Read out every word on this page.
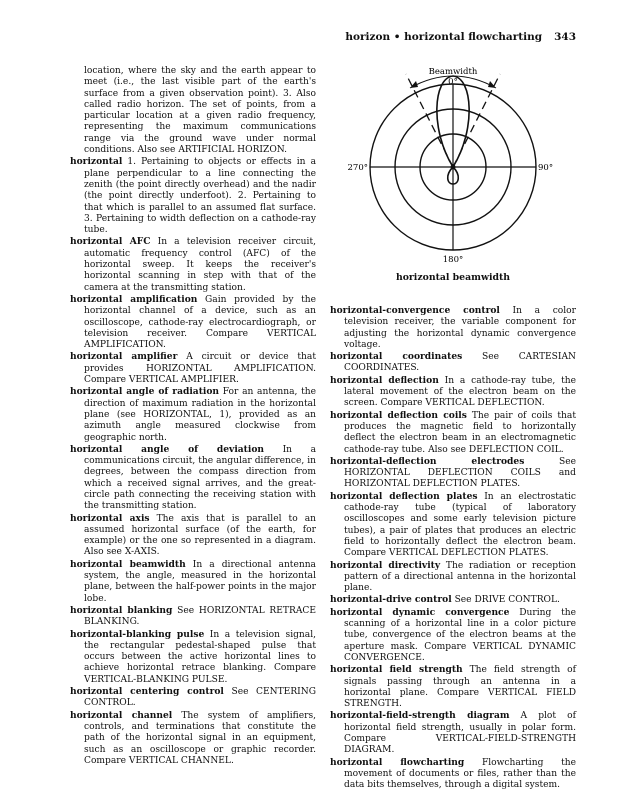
horizon • horizontal flowcharting 343

location, where the sky and the earth appear to meet (i.e., the last visible part of the earth's surface from a given observation point). 3. Also called radio horizon. The set of points, from a particular location at a given radio frequency, representing the maximum communications range via the ground wave under normal conditions. Also see ARTIFICIAL HORIZON.

horizontal 1. Pertaining to objects or effects in a plane perpendicular to a line connecting the zenith (the point directly overhead) and the nadir (the point directly underfoot). 2. Pertaining to that which is parallel to an assumed flat surface. 3. Pertaining to width deflection on a cathode-ray tube.

horizontal AFC In a television receiver circuit, automatic frequency control (AFC) of the horizontal sweep. It keeps the receiver's horizontal scanning in step with that of the camera at the transmitting station.

horizontal amplification Gain provided by the horizontal channel of a device, such as an oscilloscope, cathode-ray electrocardiograph, or television receiver. Compare VERTICAL AMPLIFICATION.

horizontal amplifier A circuit or device that provides HORIZONTAL AMPLIFICATION. Compare VERTICAL AMPLIFIER.

horizontal angle of radiation For an antenna, the direction of maximum radiation in the horizontal plane (see HORIZONTAL, 1), provided as an azimuth angle measured clockwise from geographic north.

horizontal angle of deviation In a communications circuit, the angular difference, in degrees, between the compass direction from which a received signal arrives, and the great-circle path connecting the receiving station with the transmitting station.

horizontal axis The axis that is parallel to an assumed horizontal surface (of the earth, for example) or the one so represented in a diagram. Also see X-AXIS.

horizontal beamwidth In a directional antenna system, the angle, measured in the horizontal plane, between the half-power points in the major lobe.

horizontal blanking See HORIZONTAL RETRACE BLANKING.

horizontal-blanking pulse In a television signal, the rectangular pedestal-shaped pulse that occurs between the active horizontal lines to achieve horizontal retrace blanking. Compare VERTICAL-BLANKING PULSE.

horizontal centering control See CENTERING CONTROL.

horizontal channel The system of amplifiers, controls, and terminations that constitute the path of the horizontal signal in an equipment, such as an oscilloscope or graphic recorder. Compare VERTICAL CHANNEL.

Beamwidth
0°
90°
270°
180°
horizontal beamwidth

horizontal-convergence control In a color television receiver, the variable component for adjusting the horizontal dynamic convergence voltage.

horizontal coordinates See CARTESIAN COORDINATES.

horizontal deflection In a cathode-ray tube, the lateral movement of the electron beam on the screen. Compare VERTICAL DEFLECTION.

horizontal deflection coils The pair of coils that produces the magnetic field to horizontally deflect the electron beam in an electromagnetic cathode-ray tube. Also see DEFLECTION COIL.

horizontal-deflection electrodes	See HORIZONTAL DEFLECTION COILS and HORIZONTAL DEFLECTION PLATES.

horizontal deflection plates In an electrostatic cathode-ray tube (typical of laboratory oscilloscopes and some early television picture tubes), a pair of plates that produces an electric field to horizontally deflect the electron beam. Compare VERTICAL DEFLECTION PLATES.

horizontal directivity The radiation or reception pattern of a directional antenna in the horizontal plane.

horizontal-drive control See DRIVE CONTROL.

horizontal dynamic convergence During the scanning of a horizontal line in a color picture tube, convergence of the electron beams at the aperture mask. Compare VERTICAL DYNAMIC CONVERGENCE.

horizontal field strength The field strength of signals passing through an antenna in a horizontal plane. Compare VERTICAL FIELD STRENGTH.

horizontal-field-strength diagram A plot of horizontal field strength, usually in polar form. Compare VERTICAL-FIELD-STRENGTH DIAGRAM.

horizontal flowcharting Flowcharting the movement of documents or files, rather than the data bits themselves, through a digital system.
